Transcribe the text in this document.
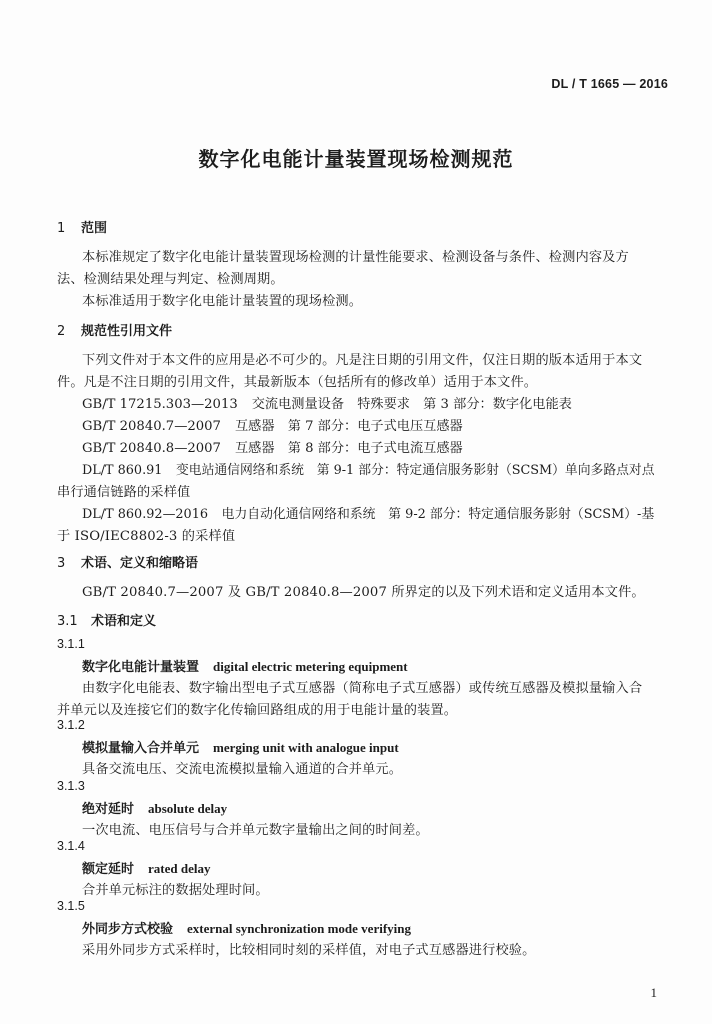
DL / T 1665 — 2016
数字化电能计量装置现场检测规范
1 范围
本标准规定了数字化电能计量装置现场检测的计量性能要求、检测设备与条件、检测内容及方
法、检测结果处理与判定、检测周期。
本标准适用于数字化电能计量装置的现场检测。
2 规范性引用文件
下列文件对于本文件的应用是必不可少的。凡是注日期的引用文件，仅注日期的版本适用于本文
件。凡是不注日期的引用文件，其最新版本（包括所有的修改单）适用于本文件。
GB/T 17215.303—2013 交流电测量设备　特殊要求　第 3 部分：数字化电能表
GB/T 20840.7—2007 互感器　第 7 部分：电子式电压互感器
GB/T 20840.8—2007 互感器　第 8 部分：电子式电流互感器
DL/T 860.91 变电站通信网络和系统　第 9-1 部分：特定通信服务影射（SCSM）单向多路点对点
串行通信链路的采样值
DL/T 860.92—2016 电力自动化通信网络和系统　第 9-2 部分：特定通信服务影射（SCSM）-基
于 ISO/IEC8802-3 的采样值
3 术语、定义和缩略语
GB/T 20840.7—2007 及 GB/T 20840.8—2007 所界定的以及下列术语和定义适用本文件。
3.1 术语和定义
3.1.1
数字化电能计量装置 digital electric metering equipment
由数字化电能表、数字输出型电子式互感器（简称电子式互感器）或传统互感器及模拟量输入合
并单元以及连接它们的数字化传输回路组成的用于电能计量的装置。
3.1.2
模拟量输入合并单元 merging unit with analogue input
具备交流电压、交流电流模拟量输入通道的合并单元。
3.1.3
绝对延时 absolute delay
一次电流、电压信号与合并单元数字量输出之间的时间差。
3.1.4
额定延时 rated delay
合并单元标注的数据处理时间。
3.1.5
外同步方式校验 external synchronization mode verifying
采用外同步方式采样时，比较相同时刻的采样值，对电子式互感器进行校验。
1
